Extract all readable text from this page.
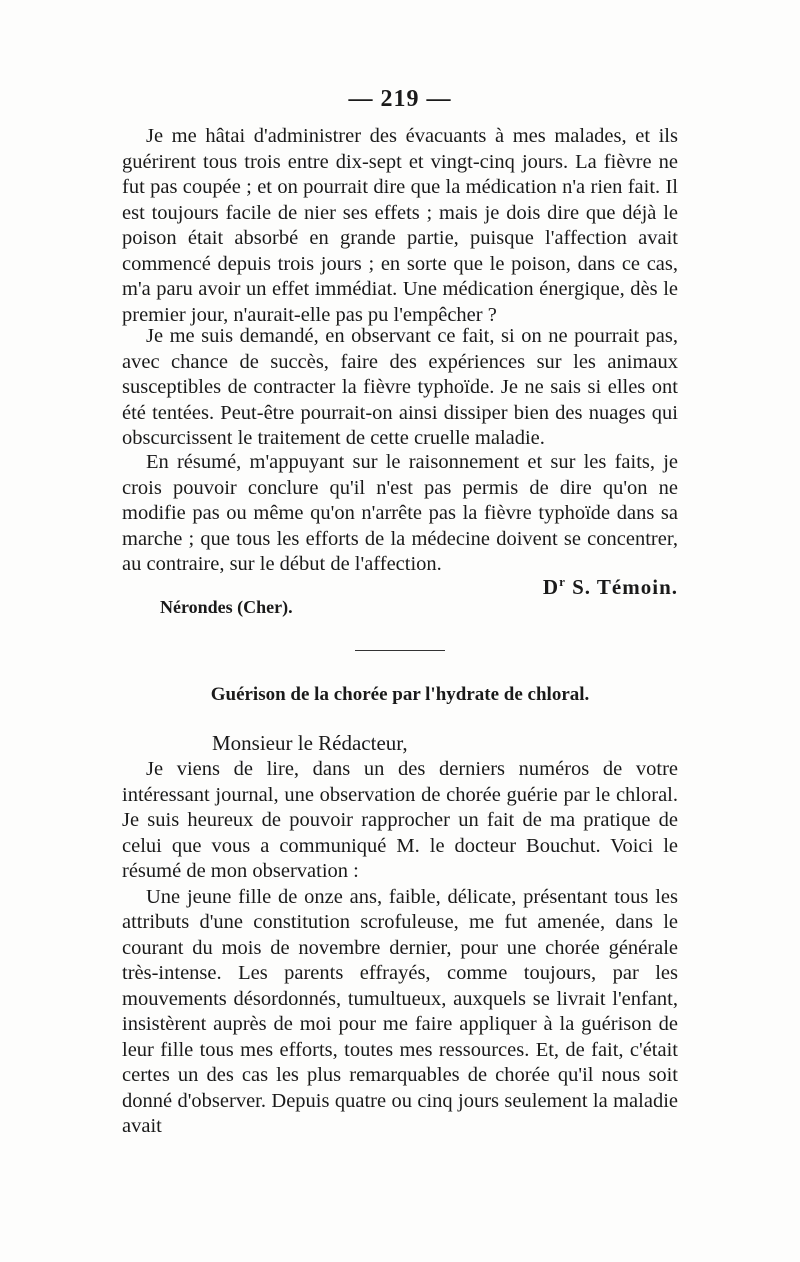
— 219 —

Je me hâtai d'administrer des évacuants à mes malades, et ils guérirent tous trois entre dix-sept et vingt-cinq jours. La fièvre ne fut pas coupée ; et on pourrait dire que la médication n'a rien fait. Il est toujours facile de nier ses effets ; mais je dois dire que déjà le poison était absorbé en grande partie, puisque l'affection avait commencé depuis trois jours ; en sorte que le poison, dans ce cas, m'a paru avoir un effet immédiat. Une médication énergique, dès le premier jour, n'aurait-elle pas pu l'empêcher ?

Je me suis demandé, en observant ce fait, si on ne pourrait pas, avec chance de succès, faire des expériences sur les animaux susceptibles de contracter la fièvre typhoïde. Je ne sais si elles ont été tentées. Peut-être pourrait-on ainsi dissiper bien des nuages qui obscurcissent le traitement de cette cruelle maladie.

En résumé, m'appuyant sur le raisonnement et sur les faits, je crois pouvoir conclure qu'il n'est pas permis de dire qu'on ne modifie pas ou même qu'on n'arrête pas la fièvre typhoïde dans sa marche ; que tous les efforts de la médecine doivent se concentrer, au contraire, sur le début de l'affection.

$D^r$ S. Témoin.
Nérondes (Cher).
Guérison de la chorée par l'hydrate de chloral.
Monsieur le Rédacteur,

Je viens de lire, dans un des derniers numéros de votre intéressant journal, une observation de chorée guérie par le chloral. Je suis heureux de pouvoir rapprocher un fait de ma pratique de celui que vous a communiqué M. le docteur Bouchut. Voici le résumé de mon observation :

Une jeune fille de onze ans, faible, délicate, présentant tous les attributs d'une constitution scrofuleuse, me fut amenée, dans le courant du mois de novembre dernier, pour une chorée générale très-intense. Les parents effrayés, comme toujours, par les mouvements désordonnés, tumultueux, auxquels se livrait l'enfant, insistèrent auprès de moi pour me faire appliquer à la guérison de leur fille tous mes efforts, toutes mes ressources. Et, de fait, c'était certes un des cas les plus remarquables de chorée qu'il nous soit donné d'observer. Depuis quatre ou cinq jours seulement la maladie avait
